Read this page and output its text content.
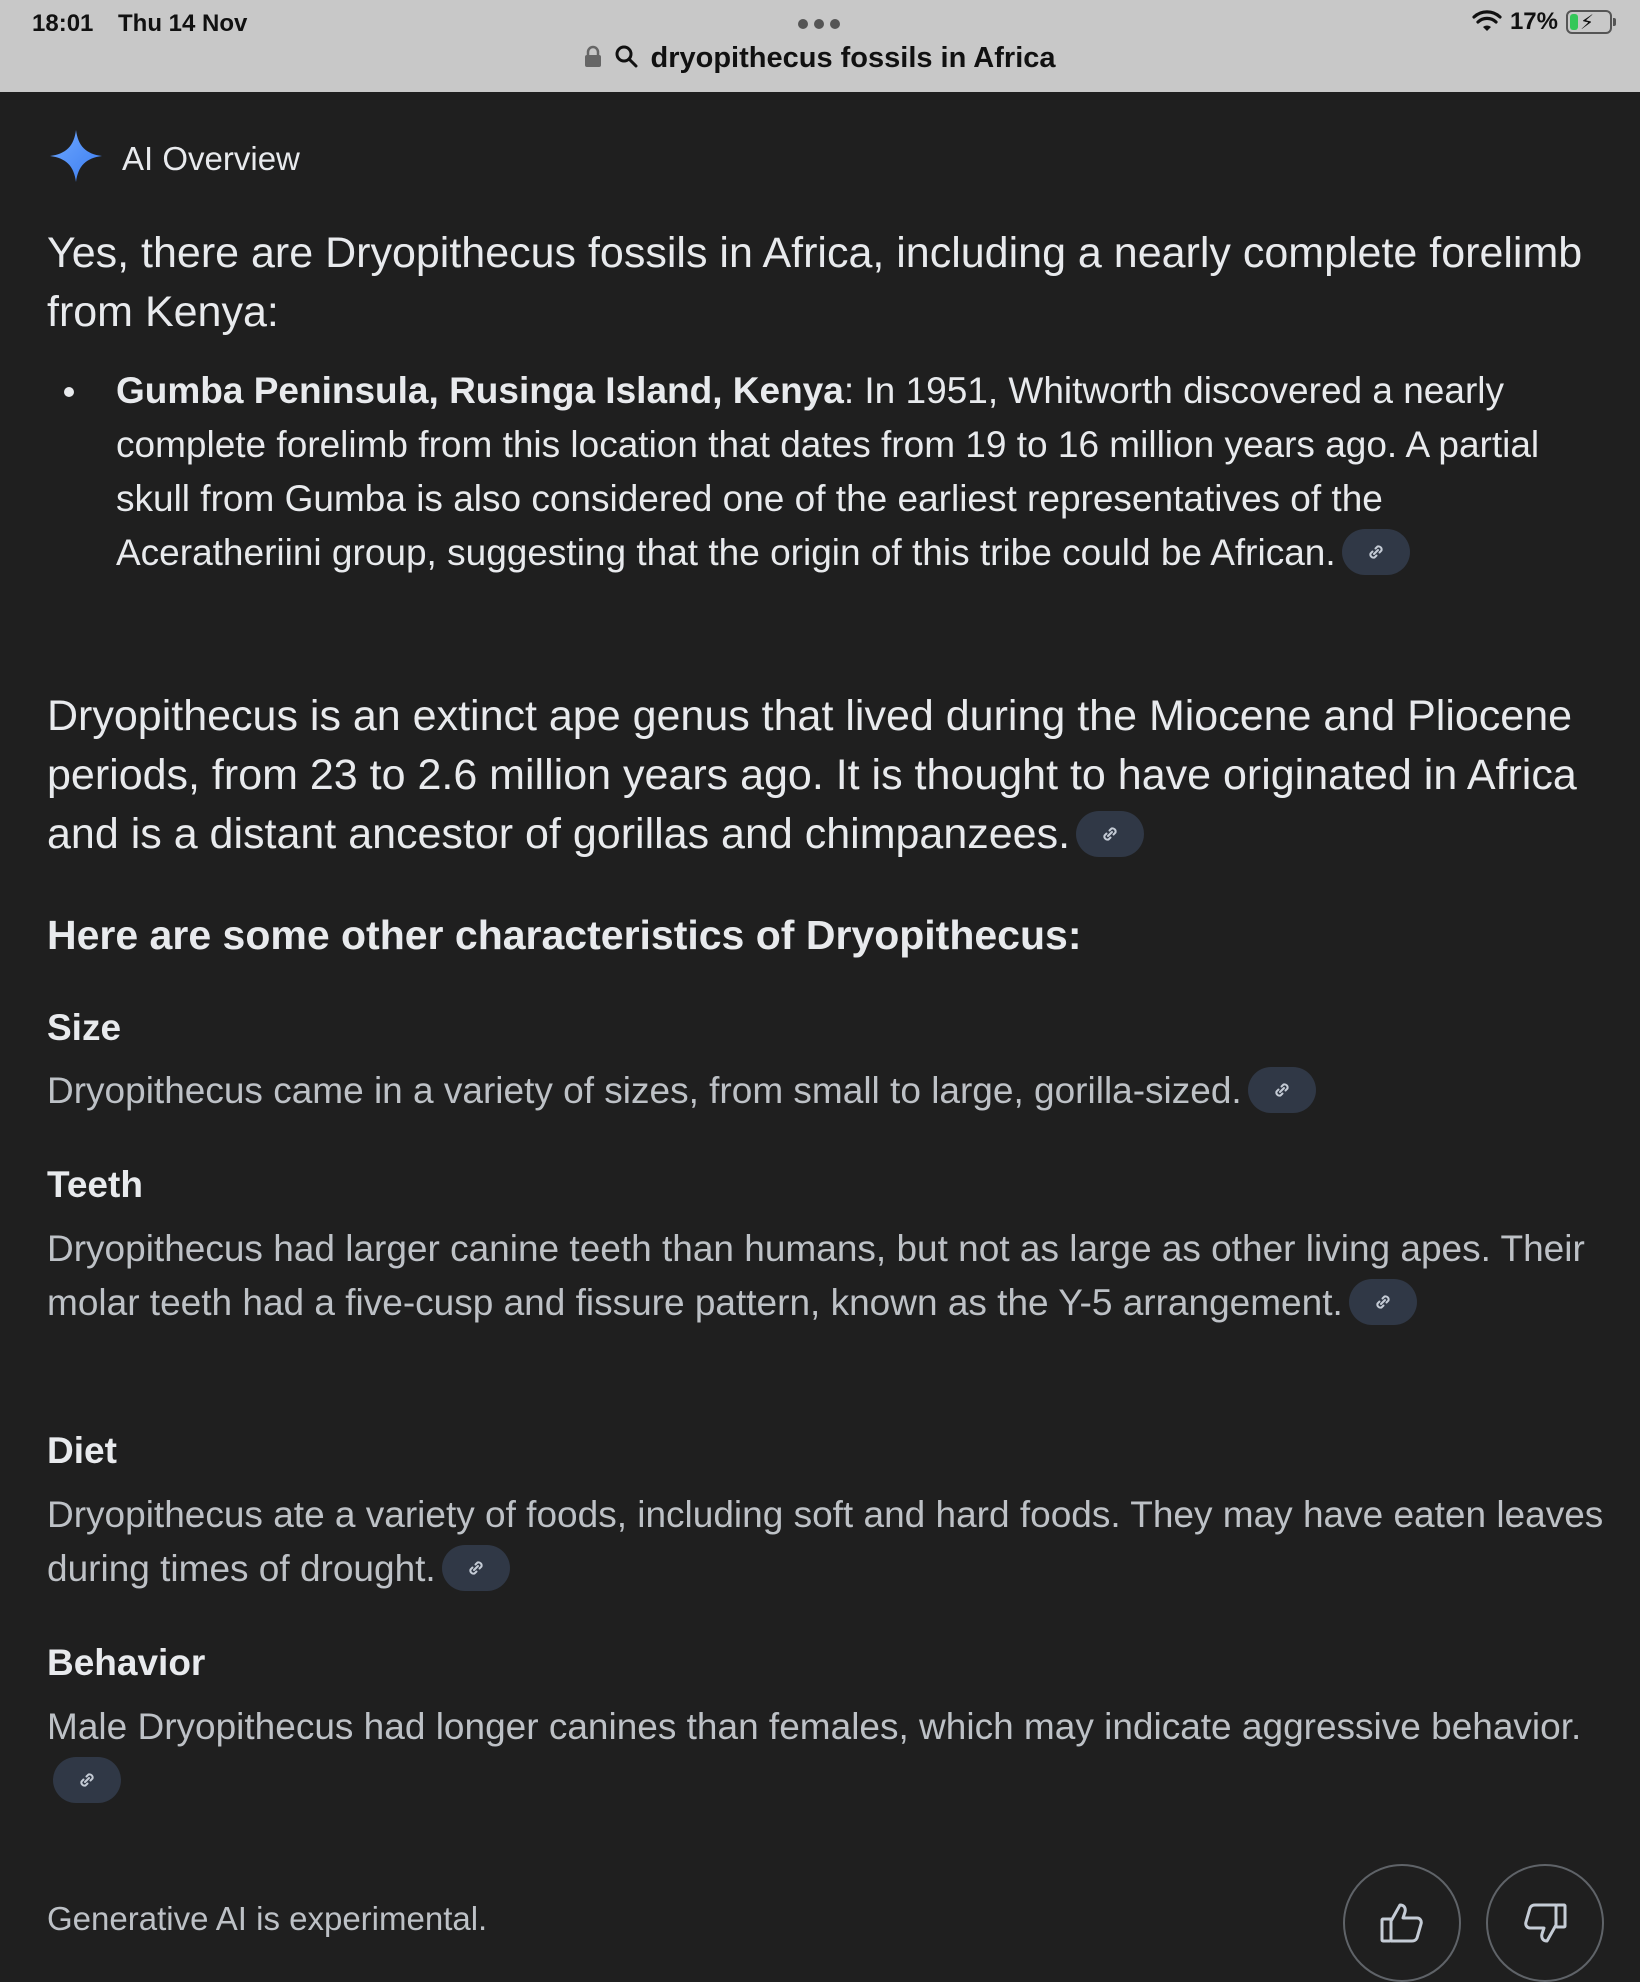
18:01 Thu 14 Nov	17% ⚡
dryopithecus fossils in Africa
AI Overview

Yes, there are Dryopithecus fossils in Africa, including a nearly complete forelimb from Kenya:

Gumba Peninsula, Rusinga Island, Kenya: In 1951, Whitworth discovered a nearly complete forelimb from this location that dates from 19 to 16 million years ago. A partial skull from Gumba is also considered one of the earliest representatives of the Aceratheriini group, suggesting that the origin of this tribe could be African.

Dryopithecus is an extinct ape genus that lived during the Miocene and Pliocene periods, from 23 to 2.6 million years ago. It is thought to have originated in Africa and is a distant ancestor of gorillas and chimpanzees.

Here are some other characteristics of Dryopithecus:
Size

Dryopithecus came in a variety of sizes, from small to large, gorilla-sized.

Teeth

Dryopithecus had larger canine teeth than humans, but not as large as other living apes. Their molar teeth had a five-cusp and fissure pattern, known as the Y-5 arrangement.

Diet

Dryopithecus ate a variety of foods, including soft and hard foods. They may have eaten leaves during times of drought.

Behavior

Male Dryopithecus had longer canines than females, which may indicate aggressive behavior.

Generative AI is experimental.
